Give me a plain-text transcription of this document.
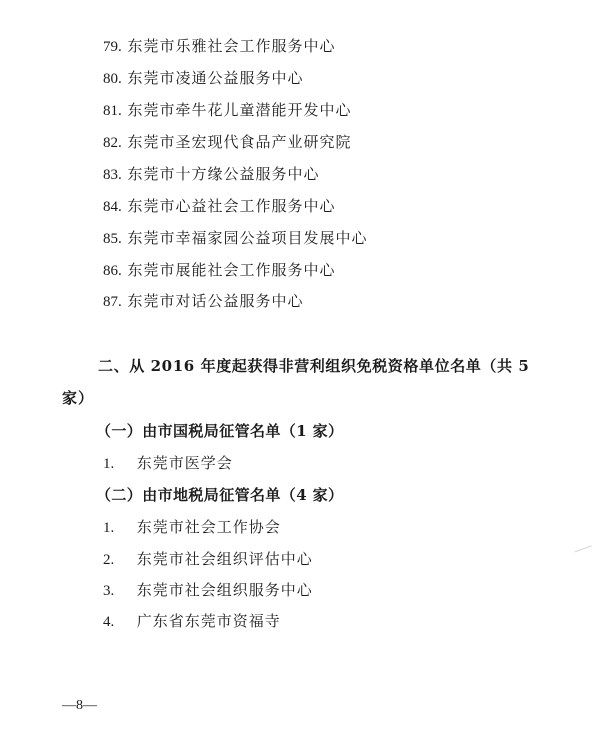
79. 东莞市乐雅社会工作服务中心
80. 东莞市凌通公益服务中心
81. 东莞市牵牛花儿童潜能开发中心
82. 东莞市圣宏现代食品产业研究院
83. 东莞市十方缘公益服务中心
84. 东莞市心益社会工作服务中心
85. 东莞市幸福家园公益项目发展中心
86. 东莞市展能社会工作服务中心
87. 东莞市对话公益服务中心
二、从 2016 年度起获得非营利组织免税资格单位名单（共 5
家）
（一）由市国税局征管名单（1 家）
1. 东莞市医学会
（二）由市地税局征管名单（4 家）
1. 东莞市社会工作协会
2. 东莞市社会组织评估中心
3. 东莞市社会组织服务中心
4. 广东省东莞市资福寺
—8—
